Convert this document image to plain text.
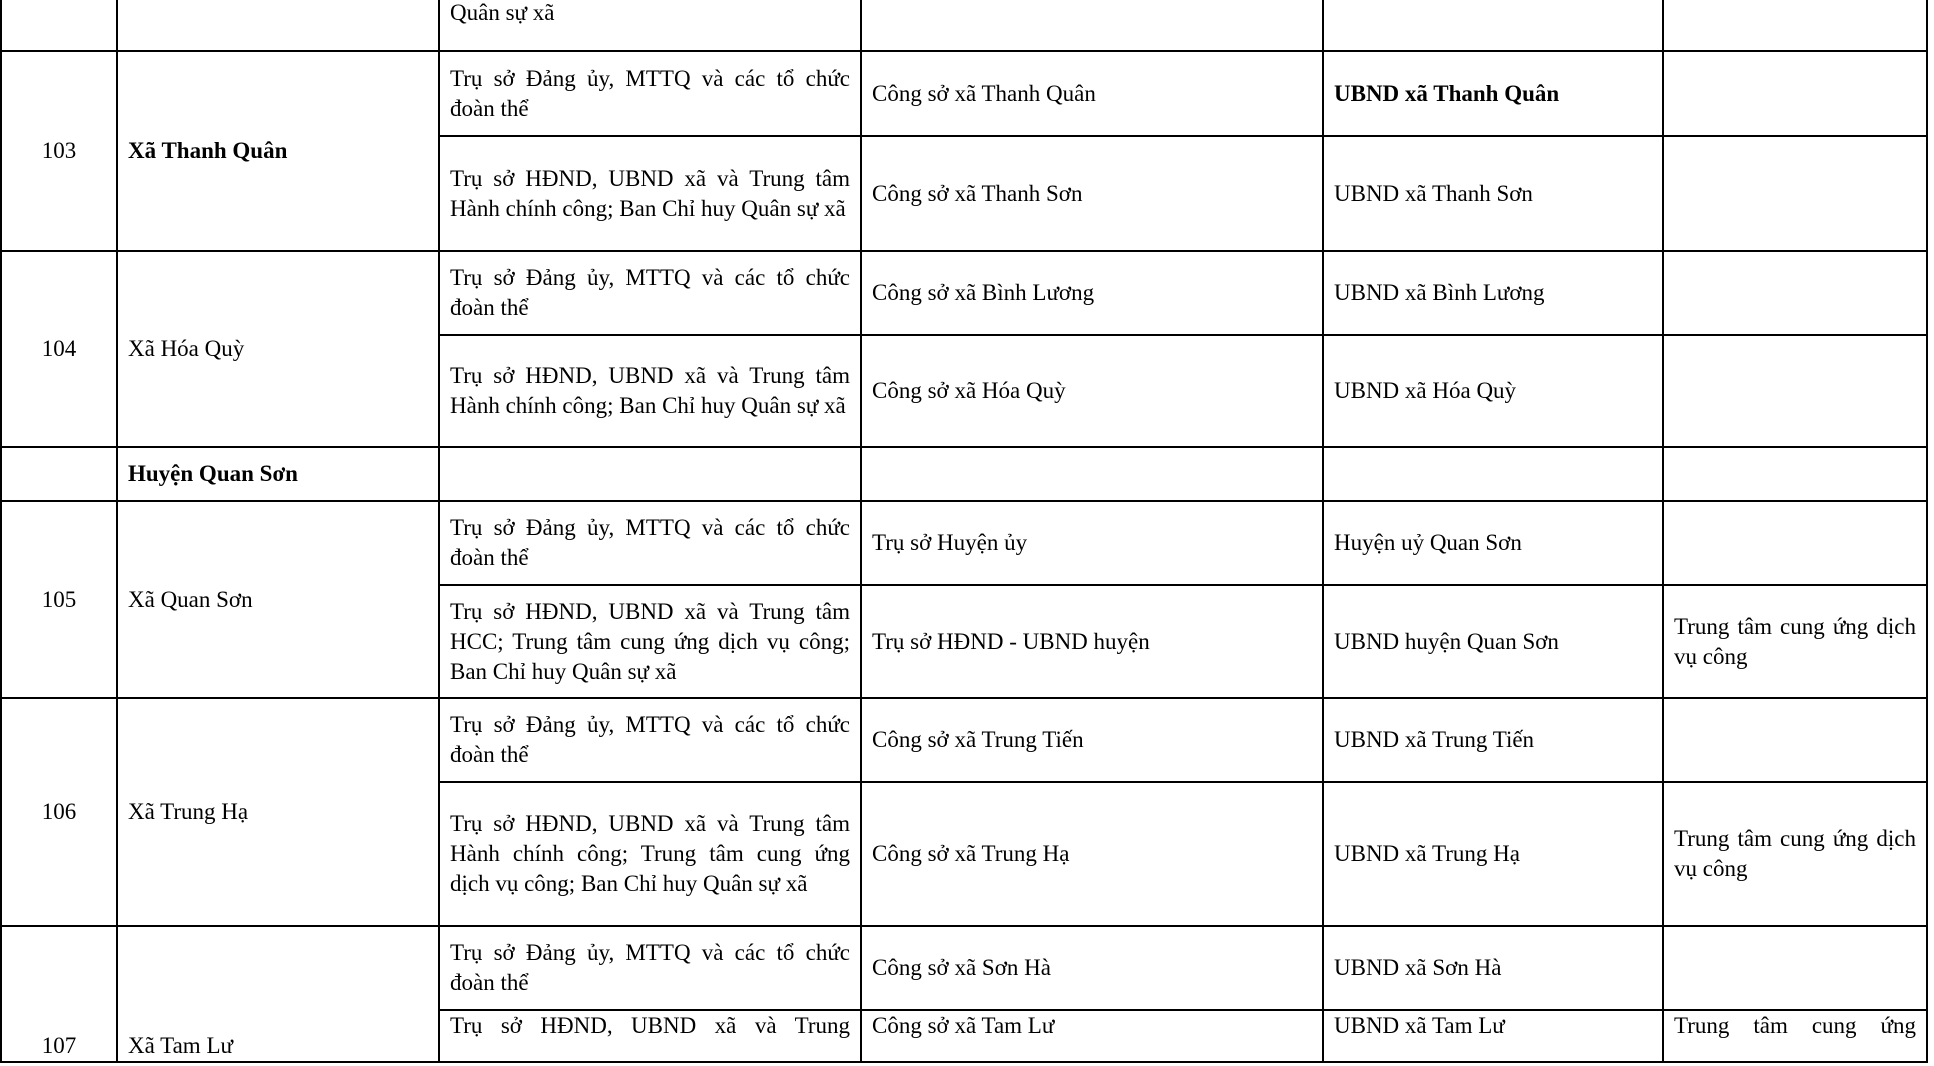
		Quân sự xã			
103	Xã Thanh Quân	Trụ sở Đảng ủy, MTTQ và các tổ chức đoàn thể	Công sở xã Thanh Quân	UBND xã Thanh Quân	
		Trụ sở HĐND, UBND xã và Trung tâm Hành chính công; Ban Chỉ huy Quân sự xã	Công sở xã Thanh Sơn	UBND xã Thanh Sơn	
104	Xã Hóa Quỳ	Trụ sở Đảng ủy, MTTQ và các tổ chức đoàn thể	Công sở xã Bình Lương	UBND xã Bình Lương	
		Trụ sở HĐND, UBND xã và Trung tâm Hành chính công; Ban Chỉ huy Quân sự xã	Công sở xã Hóa Quỳ	UBND xã Hóa Quỳ	
	Huyện Quan Sơn				
105	Xã Quan Sơn	Trụ sở Đảng ủy, MTTQ và các tổ chức đoàn thể	Trụ sở Huyện ủy	Huyện uỷ Quan Sơn	
		Trụ sở HĐND, UBND xã và Trung tâm HCC; Trung tâm cung ứng dịch vụ công; Ban Chỉ huy Quân sự xã	Trụ sở HĐND - UBND huyện	UBND huyện Quan Sơn	Trung tâm cung ứng dịch vụ công
106	Xã Trung Hạ	Trụ sở Đảng ủy, MTTQ và các tổ chức đoàn thể	Công sở xã Trung Tiến	UBND xã Trung Tiến	
		Trụ sở HĐND, UBND xã và Trung tâm Hành chính công; Trung tâm cung ứng dịch vụ công; Ban Chỉ huy Quân sự xã	Công sở xã Trung Hạ	UBND xã Trung Hạ	Trung tâm cung ứng dịch vụ công
107	Xã Tam Lư	Trụ sở Đảng ủy, MTTQ và các tổ chức đoàn thể	Công sở xã Sơn Hà	UBND xã Sơn Hà	
		Trụ sở HĐND, UBND xã và Trung	Công sở xã Tam Lư	UBND xã Tam Lư	Trung tâm cung ứng
